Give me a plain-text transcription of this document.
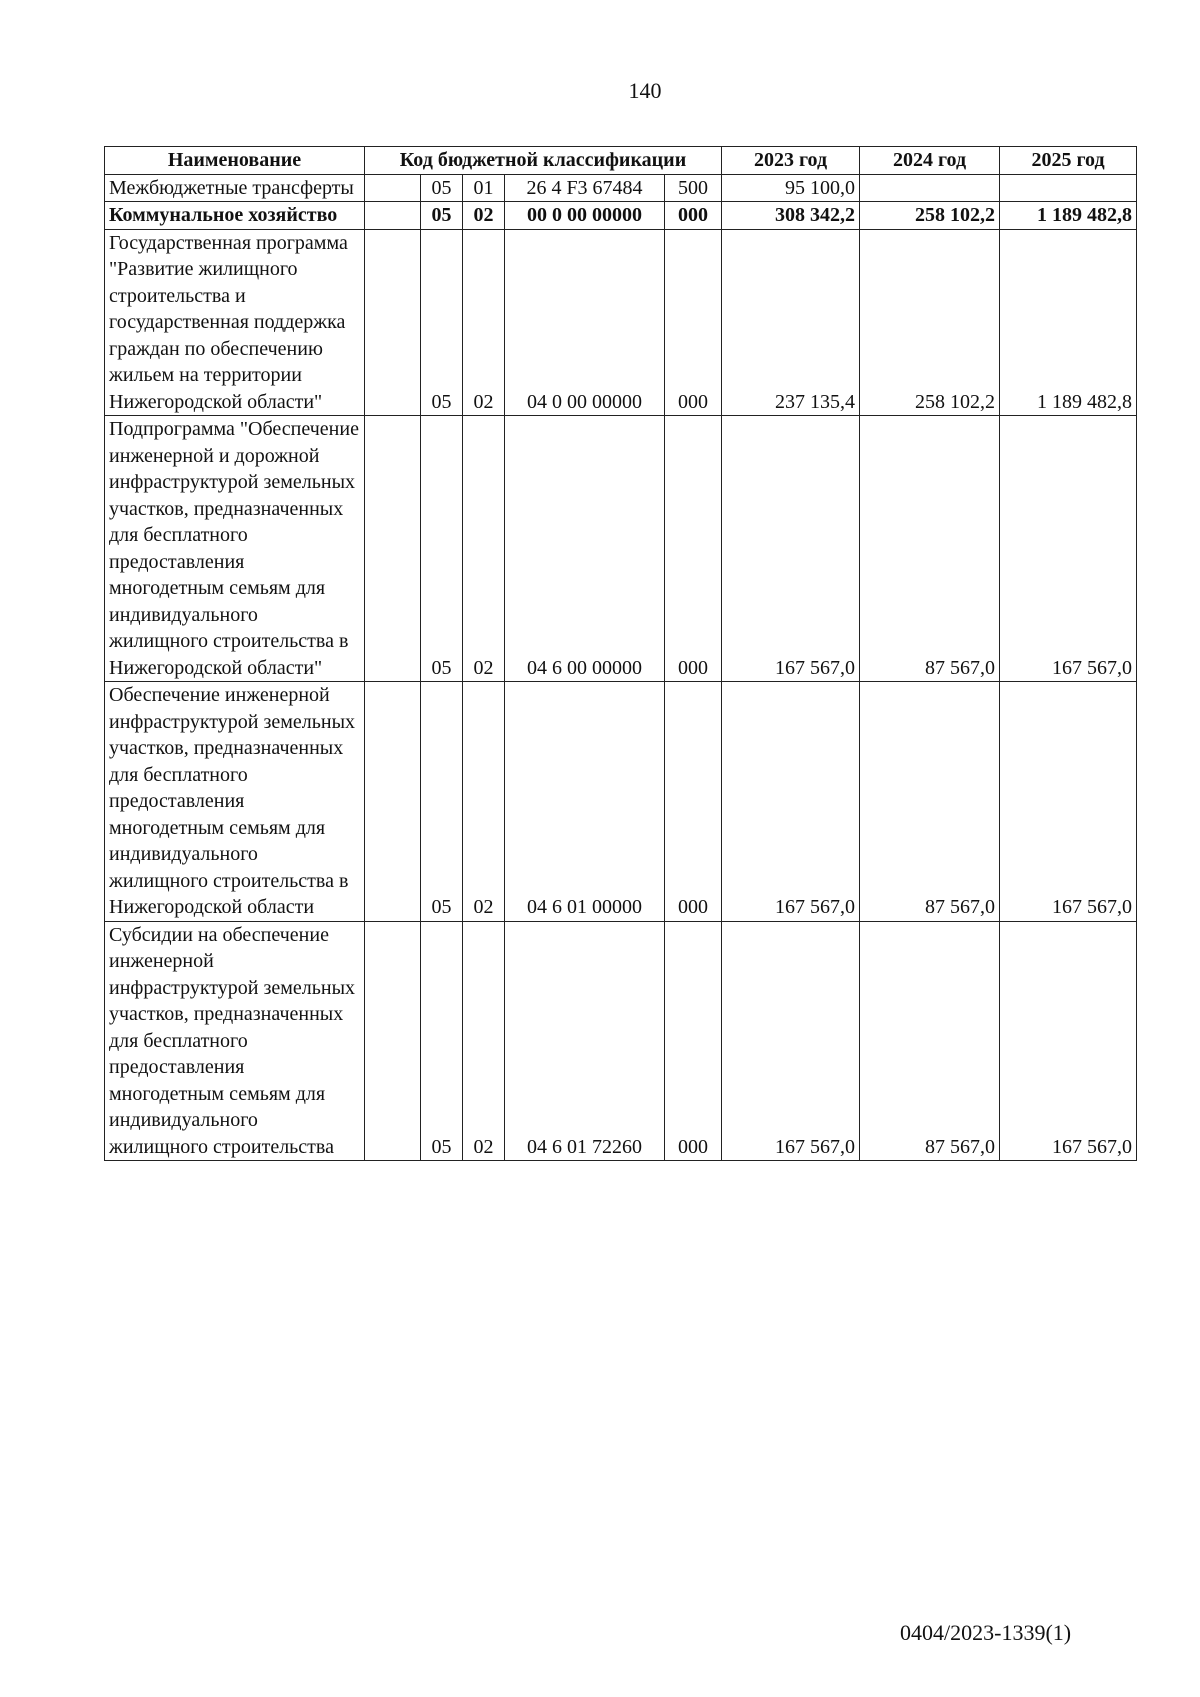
140
Наименование	Код бюджетной классификации					2023 год	2024 год	2025 год
Межбюджетные трансферты		05	01	26 4 F3 67484	500	95 100,0		
Коммунальное хозяйство		05	02	00 0 00 00000	000	308 342,2	258 102,2	1 189 482,8
Государственная программа "Развитие жилищного строительства и государственная поддержка граждан по обеспечению жильем на территории Нижегородской области"		05	02	04 0 00 00000	000	237 135,4	258 102,2	1 189 482,8
Подпрограмма "Обеспечение инженерной и дорожной инфраструктурой земельных участков, предназначенных для бесплатного предоставления многодетным семьям для индивидуального жилищного строительства в Нижегородской области"		05	02	04 6 00 00000	000	167 567,0	87 567,0	167 567,0
Обеспечение инженерной инфраструктурой земельных участков, предназначенных для бесплатного предоставления многодетным семьям для индивидуального жилищного строительства в Нижегородской области		05	02	04 6 01 00000	000	167 567,0	87 567,0	167 567,0
Субсидии на обеспечение инженерной инфраструктурой земельных участков, предназначенных для бесплатного предоставления многодетным семьям для индивидуального жилищного строительства		05	02	04 6 01 72260	000	167 567,0	87 567,0	167 567,0
0404/2023-1339(1)
